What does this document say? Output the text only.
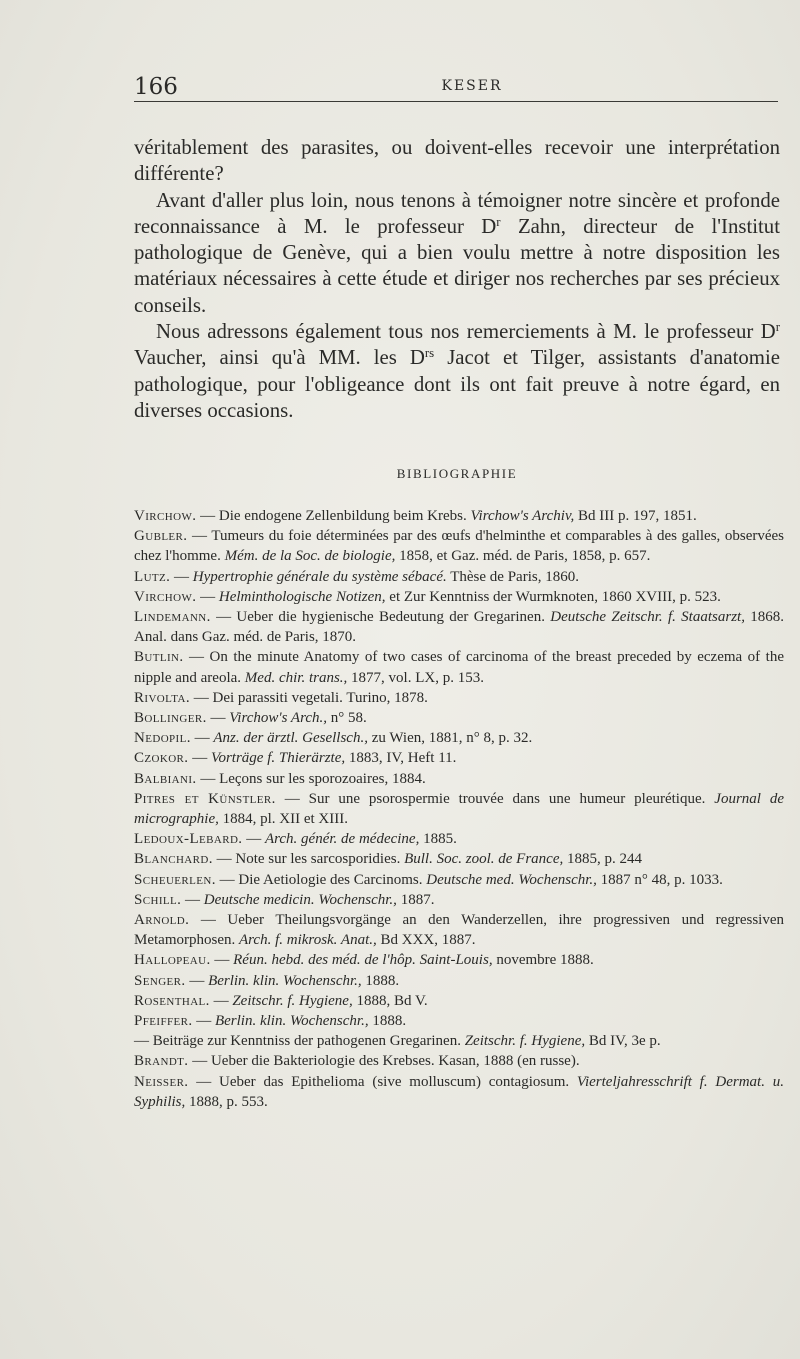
166	KESER

véritablement des parasites, ou doivent-elles recevoir une interprétation différente?

Avant d'aller plus loin, nous tenons à témoigner notre sincère et profonde reconnaissance à M. le professeur $D^r$ Zahn, directeur de l'Institut pathologique de Genève, qui a bien voulu mettre à notre disposition les matériaux nécessaires à cette étude et diriger nos recherches par ses précieux conseils.

Nous adressons également tous nos remerciements à M. le professeur $D^r$ Vaucher, ainsi qu'à MM. les $D^{rs}$ Jacot et Tilger, assistants d'anatomie pathologique, pour l'obligeance dont ils ont fait preuve à notre égard, en diverses occasions.

BIBLIOGRAPHIE
Virchow. — Die endogene Zellenbildung beim Krebs. Virchow's Archiv, Bd III p. 197, 1851.
Gubler. — Tumeurs du foie déterminées par des œufs d'helminthe et comparables à des galles, observées chez l'homme. Mém. de la Soc. de biologie, 1858, et Gaz. méd. de Paris, 1858, p. 657.
Lutz. — Hypertrophie générale du système sébacé. Thèse de Paris, 1860.
Virchow. — Helminthologische Notizen, et Zur Kenntniss der Wurmknoten, 1860 XVIII, p. 523.
Lindemann. — Ueber die hygienische Bedeutung der Gregarinen. Deutsche Zeitschr. f. Staatsarzt, 1868. Anal. dans Gaz. méd. de Paris, 1870.
Butlin. — On the minute Anatomy of two cases of carcinoma of the breast preceded by eczema of the nipple and areola. Med. chir. trans., 1877, vol. LX, p. 153.
Rivolta. — Dei parassiti vegetali. Turino, 1878.
Bollinger. — Virchow's Arch., n° 58.
Nedopil. — Anz. der ärztl. Gesellsch., zu Wien, 1881, n° 8, p. 32.
Czokor. — Vorträge f. Thierärzte, 1883, IV, Heft 11.
Balbiani. — Leçons sur les sporozoaires, 1884.
Pitres et Künstler. — Sur une psorospermie trouvée dans une humeur pleurétique. Journal de micrographie, 1884, pl. XII et XIII.
Ledoux-Lebard. — Arch. génér. de médecine, 1885.
Blanchard. — Note sur les sarcosporidies. Bull. Soc. zool. de France, 1885, p. 244
Scheuerlen. — Die Aetiologie des Carcinoms. Deutsche med. Wochenschr., 1887 n° 48, p. 1033.
Schill. — Deutsche medicin. Wochenschr., 1887.
Arnold. — Ueber Theilungsvorgänge an den Wanderzellen, ihre progressiven und regressiven Metamorphosen. Arch. f. mikrosk. Anat., Bd XXX, 1887.
Hallopeau. — Réun. hebd. des méd. de l'hôp. Saint-Louis, novembre 1888.
Senger. — Berlin. klin. Wochenschr., 1888.
Rosenthal. — Zeitschr. f. Hygiene, 1888, Bd V.
Pfeiffer. — Berlin. klin. Wochenschr., 1888.
— Beiträge zur Kenntniss der pathogenen Gregarinen. Zeitschr. f. Hygiene, Bd IV, 3e p.
Brandt. — Ueber die Bakteriologie des Krebses. Kasan, 1888 (en russe).
Neisser. — Ueber das Epithelioma (sive molluscum) contagiosum. Vierteljahresschrift f. Dermat. u. Syphilis, 1888, p. 553.
